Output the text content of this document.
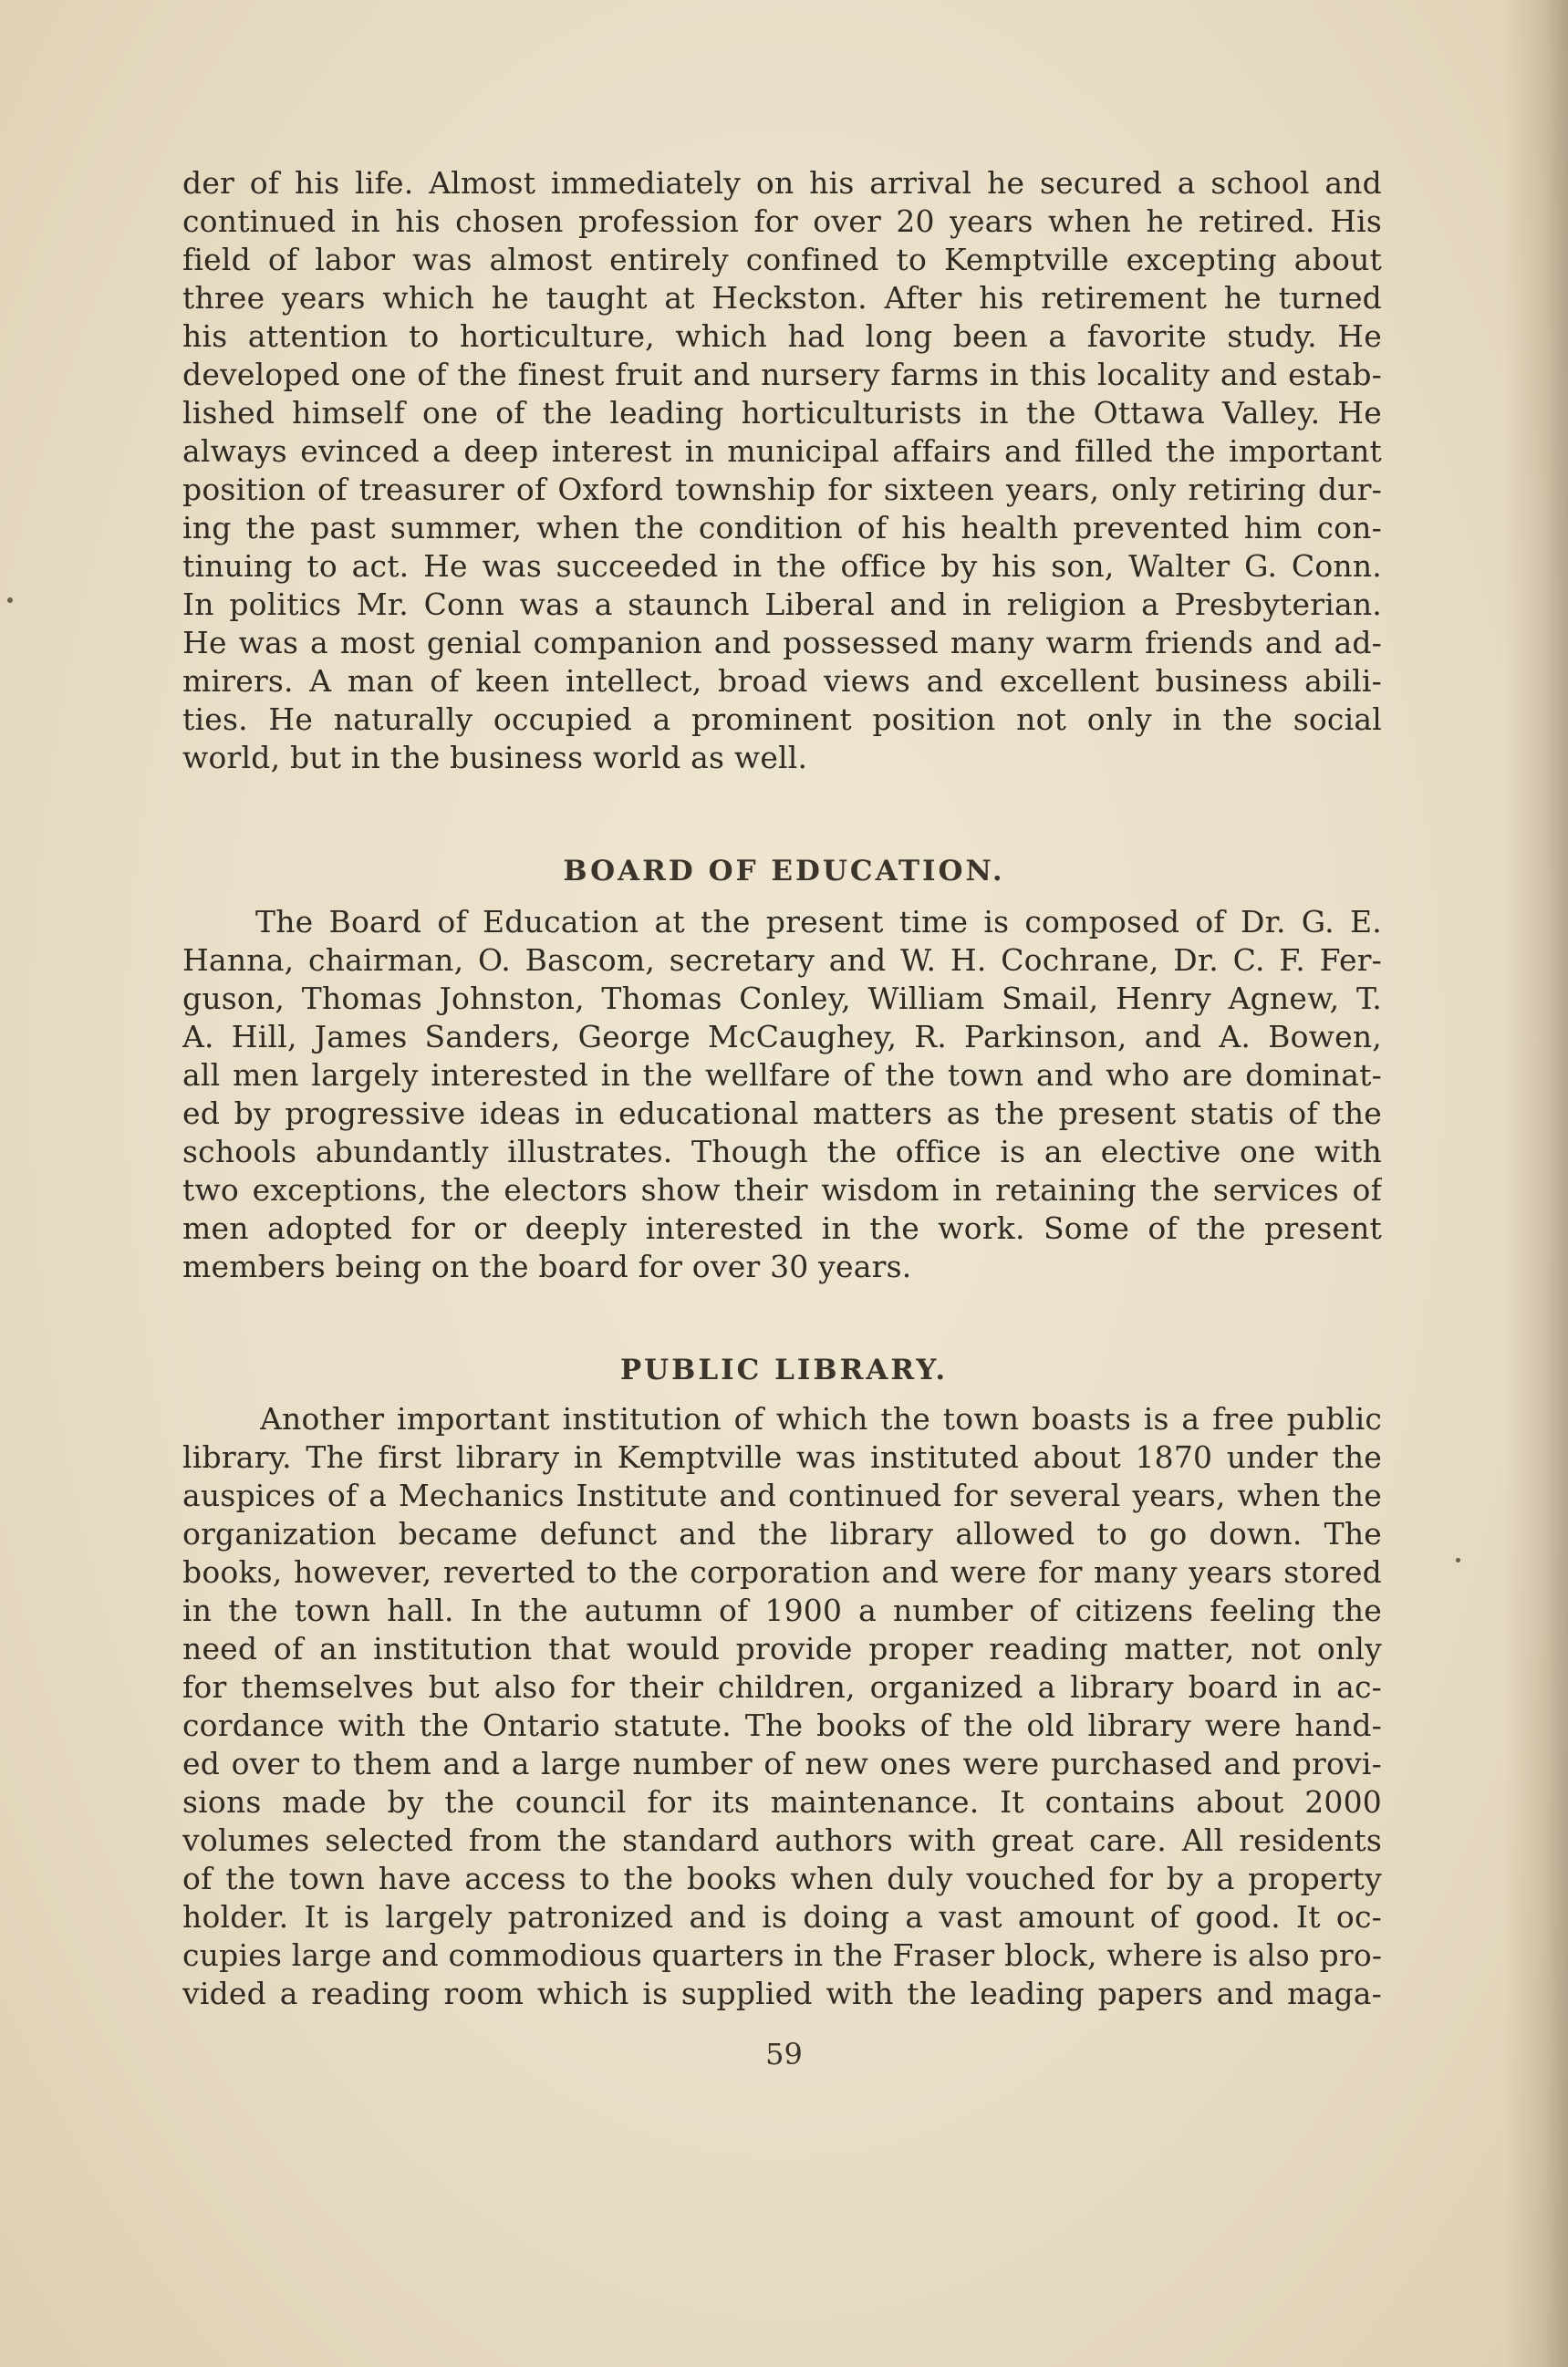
der of his life. Almost immediately on his arrival he secured a school and

continued in his chosen profession for over 20 years when he retired. His

field of labor was almost entirely confined to Kemptville excepting about

three years which he taught at Heckston. After his retirement he turned

his attention to horticulture, which had long been a favorite study. He

developed one of the finest fruit and nursery farms in this locality and estab-

lished himself one of the leading horticulturists in the Ottawa Valley. He

always evinced a deep interest in municipal affairs and filled the important

position of treasurer of Oxford township for sixteen years, only retiring dur-

ing the past summer, when the condition of his health prevented him con-

tinuing to act. He was succeeded in the office by his son, Walter G. Conn.

In politics Mr. Conn was a staunch Liberal and in religion a Presbyterian.

He was a most genial companion and possessed many warm friends and ad-

mirers. A man of keen intellect, broad views and excellent business abili-

ties. He naturally occupied a prominent position not only in the social

world, but in the business world as well.

BOARD OF EDUCATION.

The Board of Education at the present time is composed of Dr. G. E.

Hanna, chairman, O. Bascom, secretary and W. H. Cochrane, Dr. C. F. Fer-

guson, Thomas Johnston, Thomas Conley, William Smail, Henry Agnew, T.

A. Hill, James Sanders, George McCaughey, R. Parkinson, and A. Bowen,

all men largely interested in the wellfare of the town and who are dominat-

ed by progressive ideas in educational matters as the present statis of the

schools abundantly illustrates. Though the office is an elective one with

two exceptions, the electors show their wisdom in retaining the services of

men adopted for or deeply interested in the work. Some of the present

members being on the board for over 30 years.

PUBLIC LIBRARY.

Another important institution of which the town boasts is a free public

library. The first library in Kemptville was instituted about 1870 under the

auspices of a Mechanics Institute and continued for several years, when the

organization became defunct and the library allowed to go down. The

books, however, reverted to the corporation and were for many years stored

in the town hall. In the autumn of 1900 a number of citizens feeling the

need of an institution that would provide proper reading matter, not only

for themselves but also for their children, organized a library board in ac-

cordance with the Ontario statute. The books of the old library were hand-

ed over to them and a large number of new ones were purchased and provi-

sions made by the council for its maintenance. It contains about 2000

volumes selected from the standard authors with great care. All residents

of the town have access to the books when duly vouched for by a property

holder. It is largely patronized and is doing a vast amount of good. It oc-

cupies large and commodious quarters in the Fraser block, where is also pro-

vided a reading room which is supplied with the leading papers and maga-

59
